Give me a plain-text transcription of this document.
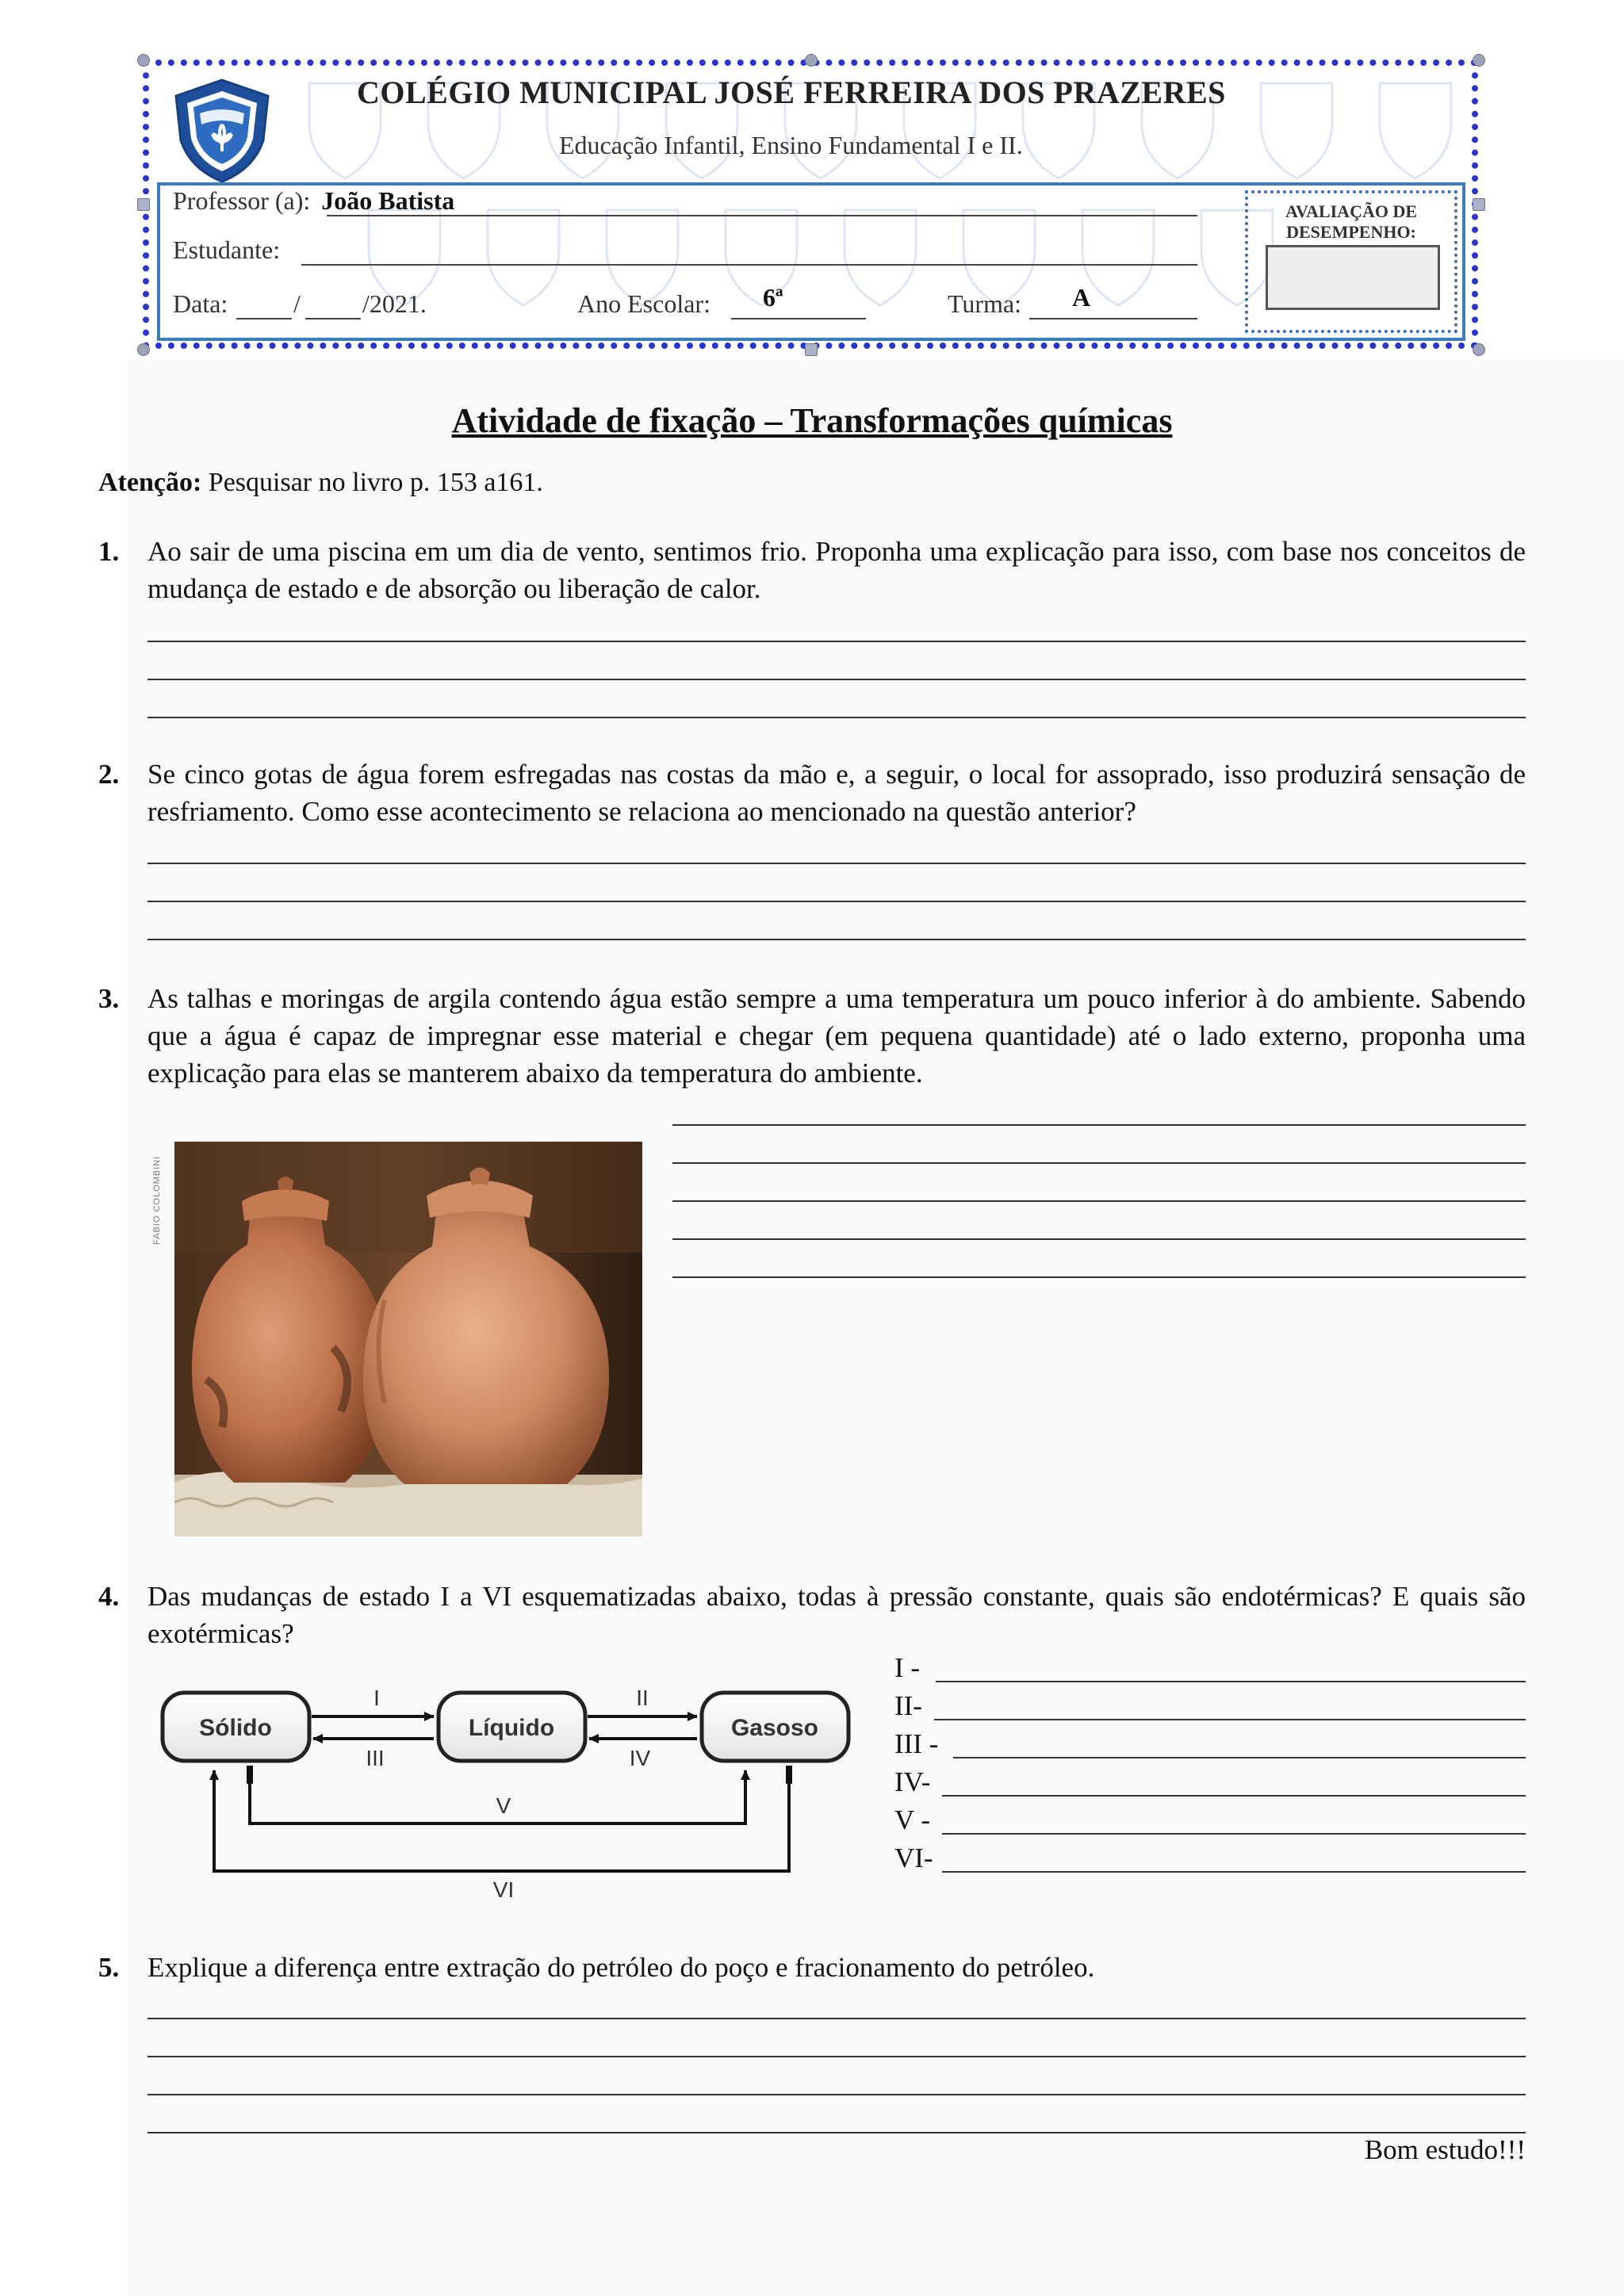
COLÉGIO MUNICIPAL JOSÉ FERREIRA DOS PRAZERES
Educação Infantil, Ensino Fundamental I e II.
Professor (a): João Batista
Estudante:
Data:	/ /2021.	Ano Escolar: 6ª	Turma: A
AVALIAÇÃO DE DESEMPENHO:
Atividade de fixação – Transformações químicas
Atenção: Pesquisar no livro p. 153 a161.
1. Ao sair de uma piscina em um dia de vento, sentimos frio. Proponha uma explicação para isso, com base nos conceitos de mudança de estado e de absorção ou liberação de calor.
2. Se cinco gotas de água forem esfregadas nas costas da mão e, a seguir, o local for assoprado, isso produzirá sensação de resfriamento. Como esse acontecimento se relaciona ao mencionado na questão anterior?
3. As talhas e moringas de argila contendo água estão sempre a uma temperatura um pouco inferior à do ambiente. Sabendo que a água é capaz de impregnar esse material e chegar (em pequena quantidade) até o lado externo, proponha uma explicação para elas se manterem abaixo da temperatura do ambiente.
FABIO COLOMBINI
4. Das mudanças de estado I a VI esquematizadas abaixo, todas à pressão constante, quais são endotérmicas? E quais são exotérmicas?
Sólido	Líquido	Gasoso
I	II
III	IV
V
VI
I -
II-
III -
IV-
V -
VI-
5. Explique a diferença entre extração do petróleo do poço e fracionamento do petróleo.
Bom estudo!!!
